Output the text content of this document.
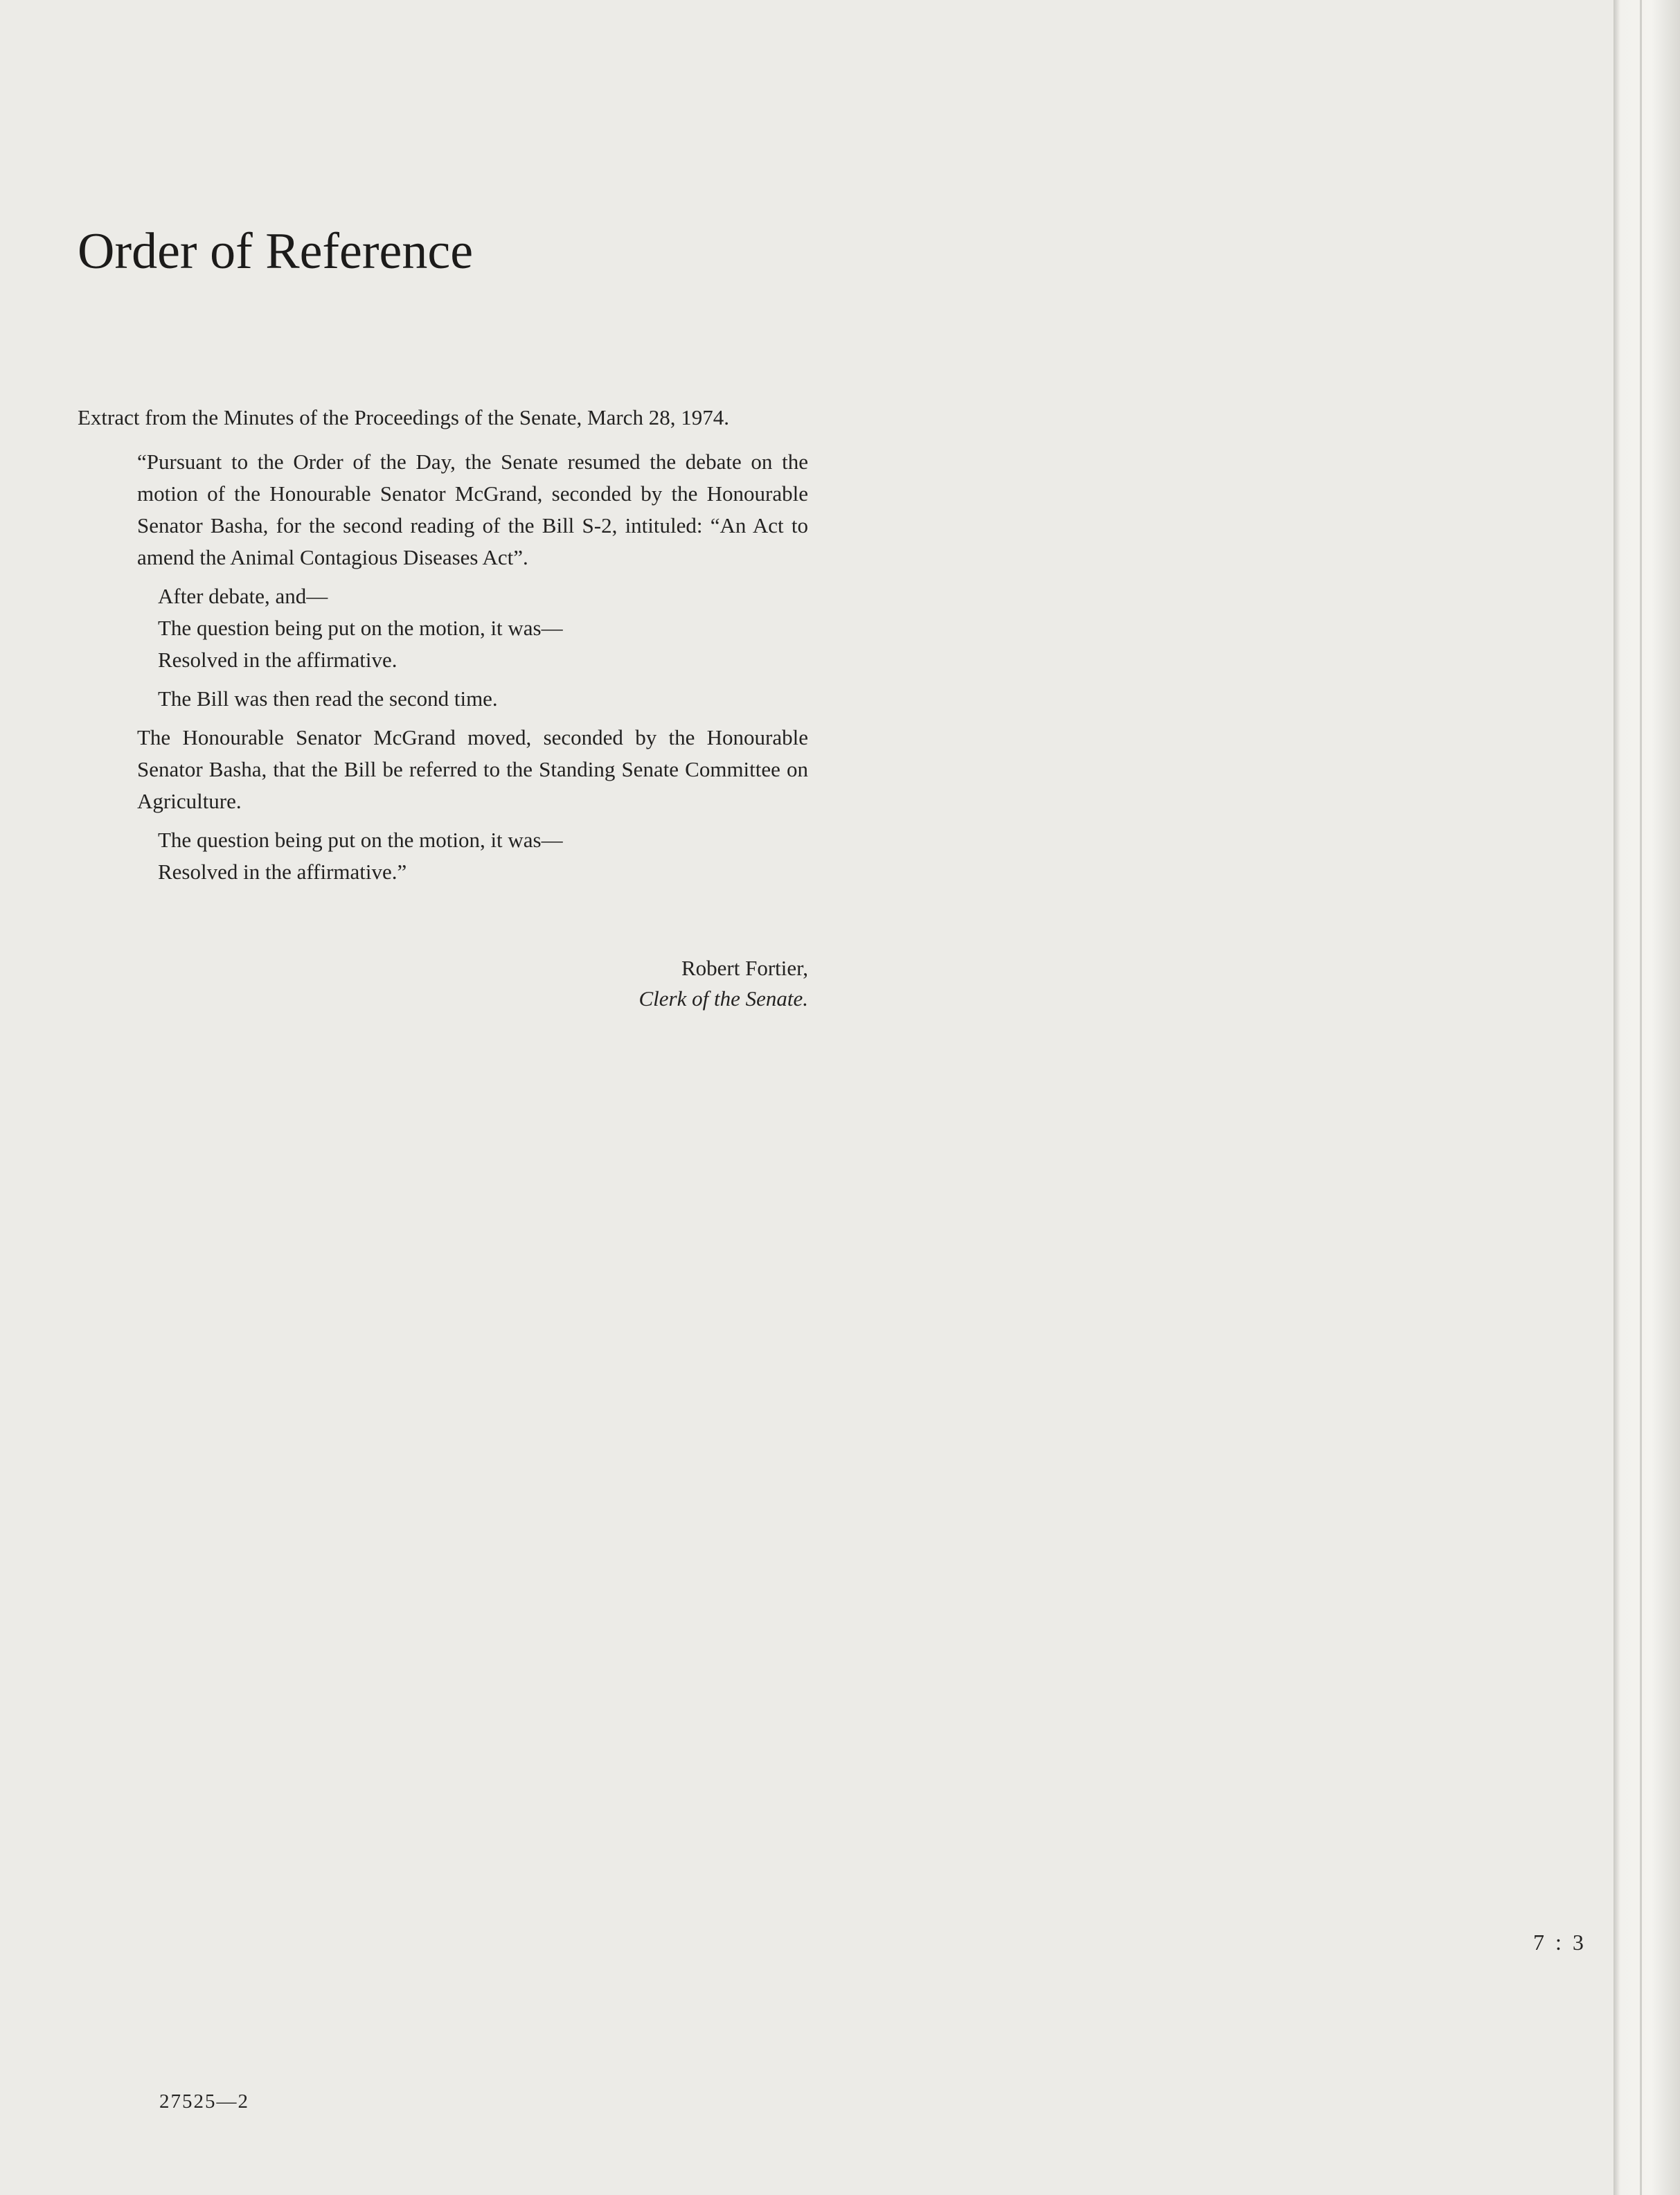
Order of Reference

Extract from the Minutes of the Proceedings of the Senate, March 28, 1974.

“Pursuant to the Order of the Day, the Senate resumed the debate on the motion of the Honourable Senator McGrand, seconded by the Honourable Senator Basha, for the second reading of the Bill S-2, intituled: “An Act to amend the Animal Contagious Diseases Act”.

After debate, and—

The question being put on the motion, it was—

Resolved in the affirmative.

The Bill was then read the second time.

The Honourable Senator McGrand moved, seconded by the Honourable Senator Basha, that the Bill be referred to the Standing Senate Committee on Agriculture.

The question being put on the motion, it was—

Resolved in the affirmative.”

Robert Fortier,
Clerk of the Senate.
7 : 3
27525—2
